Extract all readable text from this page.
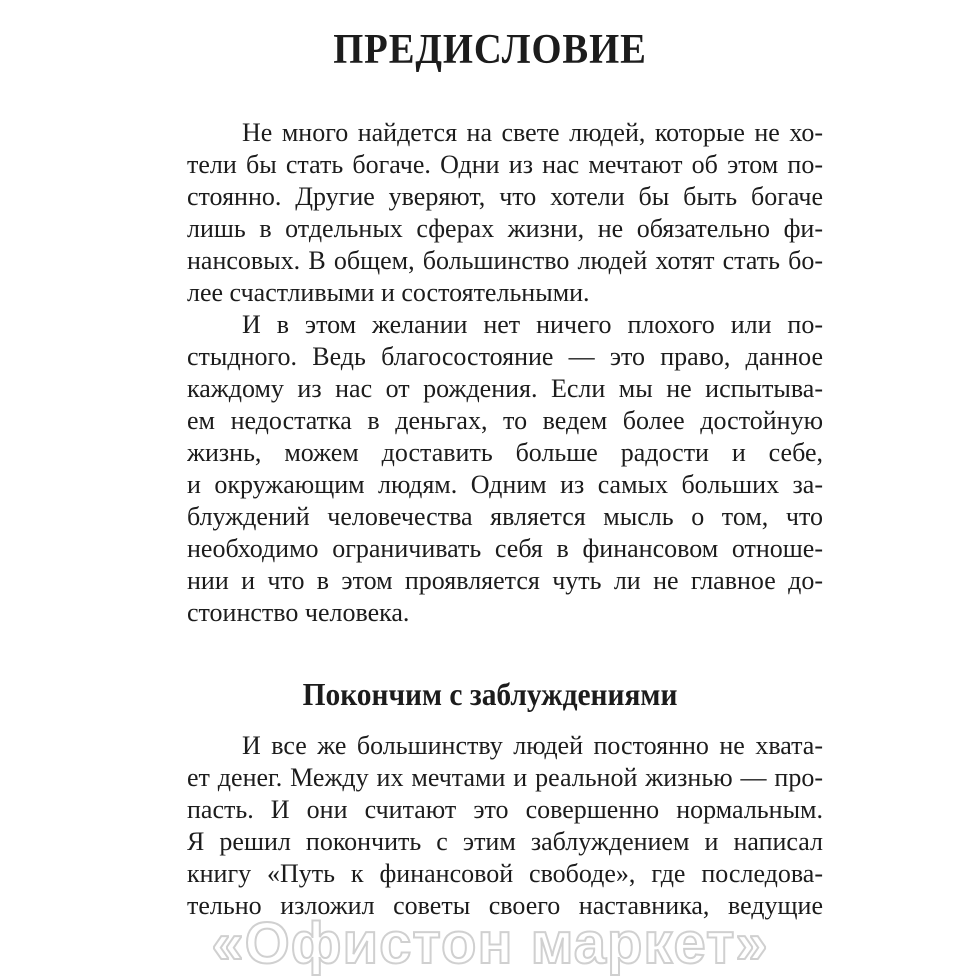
ПРЕДИСЛОВИЕ
Не много найдется на свете людей, которые не хо-
тели бы стать богаче. Одни из нас мечтают об этом по-
стоянно. Другие уверяют, что хотели бы быть богаче
лишь в отдельных сферах жизни, не обязательно фи-
нансовых. В общем, большинство людей хотят стать бо-
лее счастливыми и состоятельными.
И в этом желании нет ничего плохого или по-
стыдного. Ведь благосостояние — это право, данное
каждому из нас от рождения. Если мы не испытыва-
ем недостатка в деньгах, то ведем более достойную
жизнь, можем доставить больше радости и себе,
и окружающим людям. Одним из самых больших за-
блуждений человечества является мысль о том, что
необходимо ограничивать себя в финансовом отноше-
нии и что в этом проявляется чуть ли не главное до-
стоинство человека.
Покончим с заблуждениями
И все же большинству людей постоянно не хвата-
ет денег. Между их мечтами и реальной жизнью — про-
пасть. И они считают это совершенно нормальным.
Я решил покончить с этим заблуждением и написал
книгу «Путь к финансовой свободе», где последова-
тельно изложил советы своего наставника, ведущие
«Офистон маркет»
